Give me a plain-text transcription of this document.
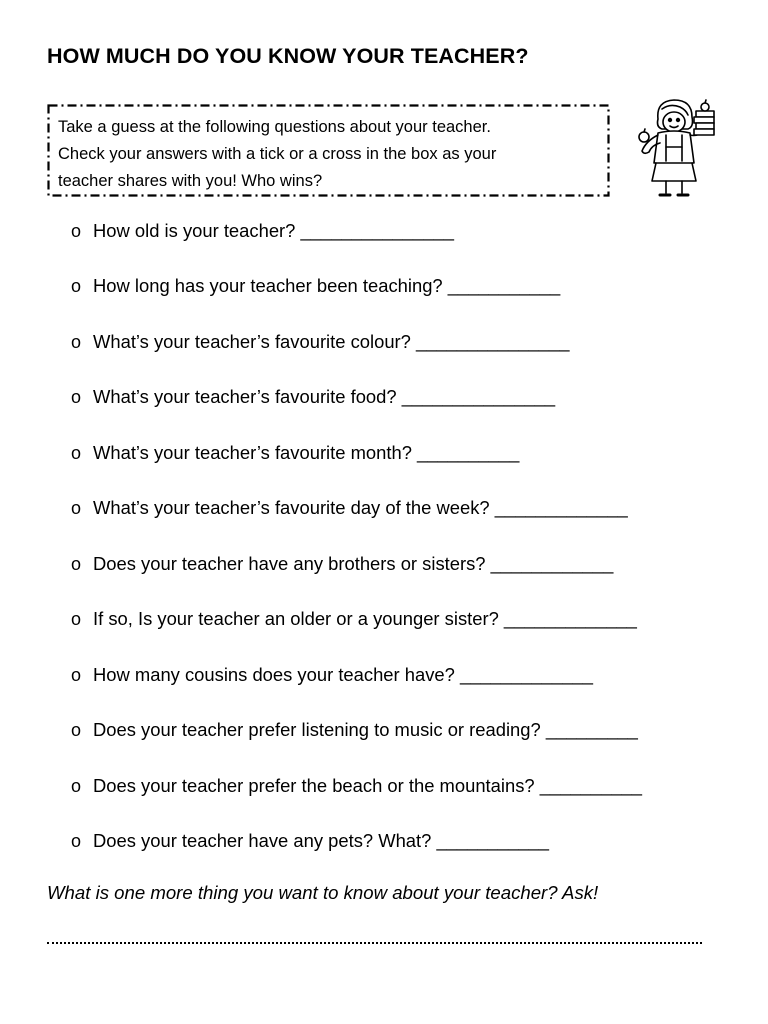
HOW MUCH DO YOU KNOW YOUR TEACHER?
Take a guess at the following questions about your teacher.
Check your answers with a tick or a cross in the box as your
teacher shares with you! Who wins?
o How old is your teacher? _______________
o How long has your teacher been teaching? ___________
o What’s your teacher’s favourite colour? _______________
o What’s your teacher’s favourite food? _______________
o What’s your teacher’s favourite month? __________
o What’s your teacher’s favourite day of the week? _____________
o Does your teacher have any brothers or sisters? ____________
o If so, Is your teacher an older or a younger sister? _____________
o How many cousins does your teacher have? _____________
o Does your teacher prefer listening to music or reading? _________
o Does your teacher prefer the beach or the mountains? __________
o Does your teacher have any pets? What? ___________
What is one more thing you want to know about your teacher? Ask!
